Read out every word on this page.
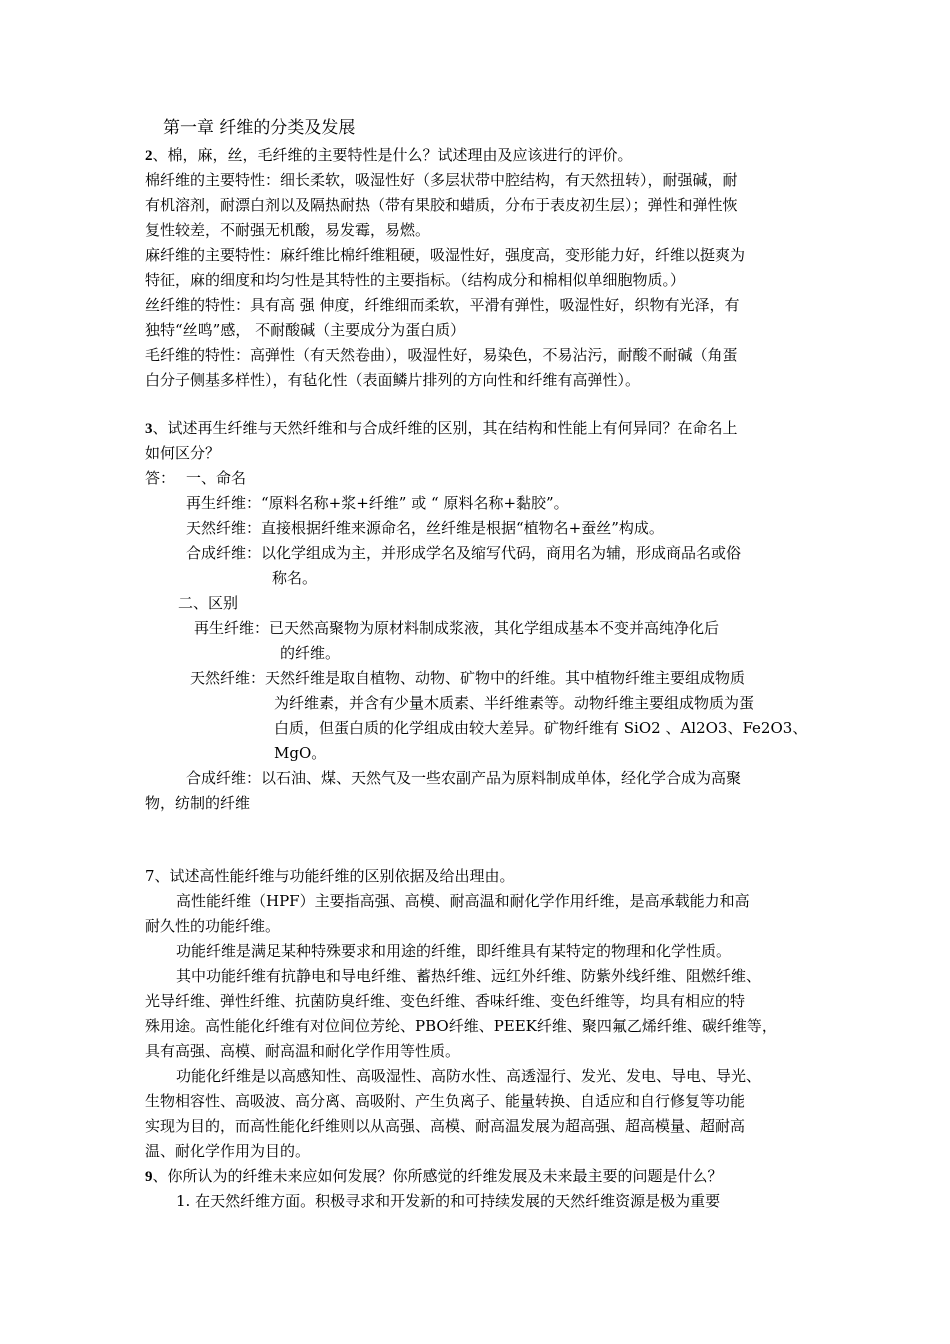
第一章 纤维的分类及发展
2、棉，麻，丝，毛纤维的主要特性是什么？试述理由及应该进行的评价。
棉纤维的主要特性：细长柔软，吸湿性好（多层状带中腔结构，有天然扭转），耐强碱，耐
有机溶剂，耐漂白剂以及隔热耐热（带有果胶和蜡质，分布于表皮初生层）；弹性和弹性恢
复性较差，不耐强无机酸，易发霉，易燃。
麻纤维的主要特性：麻纤维比棉纤维粗硬，吸湿性好，强度高，变形能力好，纤维以挺爽为
特征，麻的细度和均匀性是其特性的主要指标。（结构成分和棉相似单细胞物质。）
丝纤维的特性：具有高 强 伸度，纤维细而柔软，平滑有弹性，吸湿性好，织物有光泽，有
独特“丝鸣”感， 不耐酸碱（主要成分为蛋白质）
毛纤维的特性：高弹性（有天然卷曲），吸湿性好，易染色，不易沾污，耐酸不耐碱（角蛋
白分子侧基多样性），有毡化性（表面鳞片排列的方向性和纤维有高弹性）。
3、试述再生纤维与天然纤维和与合成纤维的区别，其在结构和性能上有何异同？在命名上
如何区分？
答： 一、命名
再生纤维：“原料名称+浆+纤维” 或 “ 原料名称+黏胶”。
天然纤维：直接根据纤维来源命名，丝纤维是根据“植物名+蚕丝”构成。
合成纤维：以化学组成为主，并形成学名及缩写代码，商用名为辅，形成商品名或俗
称名。
二、区别
再生纤维：已天然高聚物为原材料制成浆液，其化学组成基本不变并高纯净化后
的纤维。
天然纤维：天然纤维是取自植物、动物、矿物中的纤维。其中植物纤维主要组成物质
为纤维素，并含有少量木质素、半纤维素等。动物纤维主要组成物质为蛋
白质，但蛋白质的化学组成由较大差异。矿物纤维有 SiO2 、Al2O3、Fe2O3、
MgO。
合成纤维：以石油、煤、天然气及一些农副产品为原料制成单体，经化学合成为高聚
物，纺制的纤维
7、试述高性能纤维与功能纤维的区别依据及给出理由。
高性能纤维（HPF）主要指高强、高模、耐高温和耐化学作用纤维，是高承载能力和高
耐久性的功能纤维。
功能纤维是满足某种特殊要求和用途的纤维，即纤维具有某特定的物理和化学性质。
其中功能纤维有抗静电和导电纤维、蓄热纤维、远红外纤维、防紫外线纤维、阻燃纤维、
光导纤维、弹性纤维、抗菌防臭纤维、变色纤维、香味纤维、变色纤维等，均具有相应的特
殊用途。高性能化纤维有对位间位芳纶、PBO纤维、PEEK纤维、聚四氟乙烯纤维、碳纤维等，
具有高强、高模、耐高温和耐化学作用等性质。
功能化纤维是以高感知性、高吸湿性、高防水性、高透湿行、发光、发电、导电、导光、
生物相容性、高吸波、高分离、高吸附、产生负离子、能量转换、自适应和自行修复等功能
实现为目的，而高性能化纤维则以从高强、高模、耐高温发展为超高强、超高模量、超耐高
温、耐化学作用为目的。
9、你所认为的纤维未来应如何发展？你所感觉的纤维发展及未来最主要的问题是什么？
1. 在天然纤维方面。积极寻求和开发新的和可持续发展的天然纤维资源是极为重要
